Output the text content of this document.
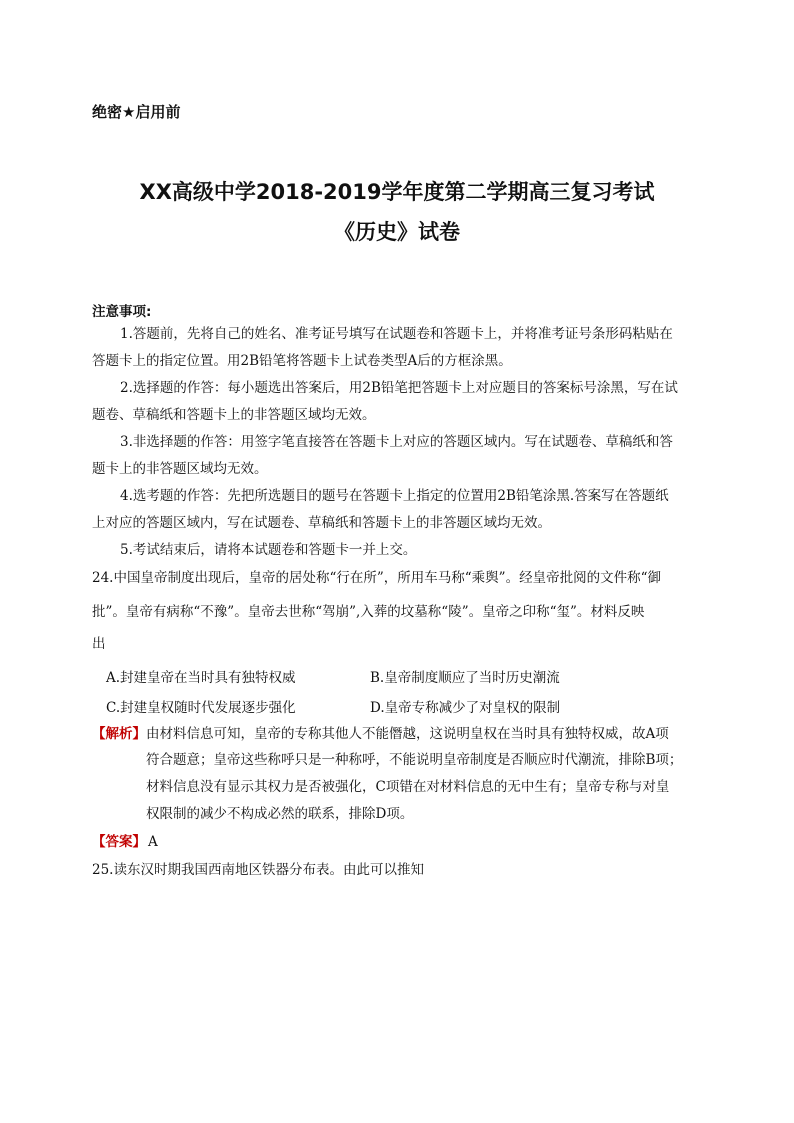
绝密★启用前
XX高级中学2018-2019学年度第二学期高三复习考试
《历史》试卷
注意事项:
1.答题前，先将自己的姓名、准考证号填写在试题卷和答题卡上，并将准考证号条形码粘贴在
答题卡上的指定位置。用2B铅笔将答题卡上试卷类型A后的方框涂黑。
2.选择题的作答：每小题选出答案后，用2B铅笔把答题卡上对应题目的答案标号涂黑，写在试
题卷、草稿纸和答题卡上的非答题区域均无效。
3.非选择题的作答：用签字笔直接答在答题卡上对应的答题区域内。写在试题卷、草稿纸和答
题卡上的非答题区域均无效。
4.选考题的作答：先把所选题目的题号在答题卡上指定的位置用2B铅笔涂黑.答案写在答题纸
上对应的答题区域内，写在试题卷、草稿纸和答题卡上的非答题区域均无效。
5.考试结束后，请将本试题卷和答题卡一并上交。
24.中国皇帝制度出现后，皇帝的居处称“行在所”，所用车马称“乘舆”。经皇帝批阅的文件称“御
批”。皇帝有病称“不豫”。皇帝去世称“驾崩”,入葬的坟墓称“陵”。皇帝之印称“玺”。材料反映
出
A.封建皇帝在当时具有独特权威	B.皇帝制度顺应了当时历史潮流
C.封建皇权随时代发展逐步强化	D.皇帝专称减少了对皇权的限制
【解析】 由材料信息可知，皇帝的专称其他人不能僭越，这说明皇权在当时具有独特权威，故A项
符合题意；皇帝这些称呼只是一种称呼，不能说明皇帝制度是否顺应时代潮流，排除B项；
材料信息没有显示其权力是否被强化，C项错在对材料信息的无中生有；皇帝专称与对皇
权限制的减少不构成必然的联系，排除D项。
【答案】 A
25.读东汉时期我国西南地区铁器分布表。由此可以推知
